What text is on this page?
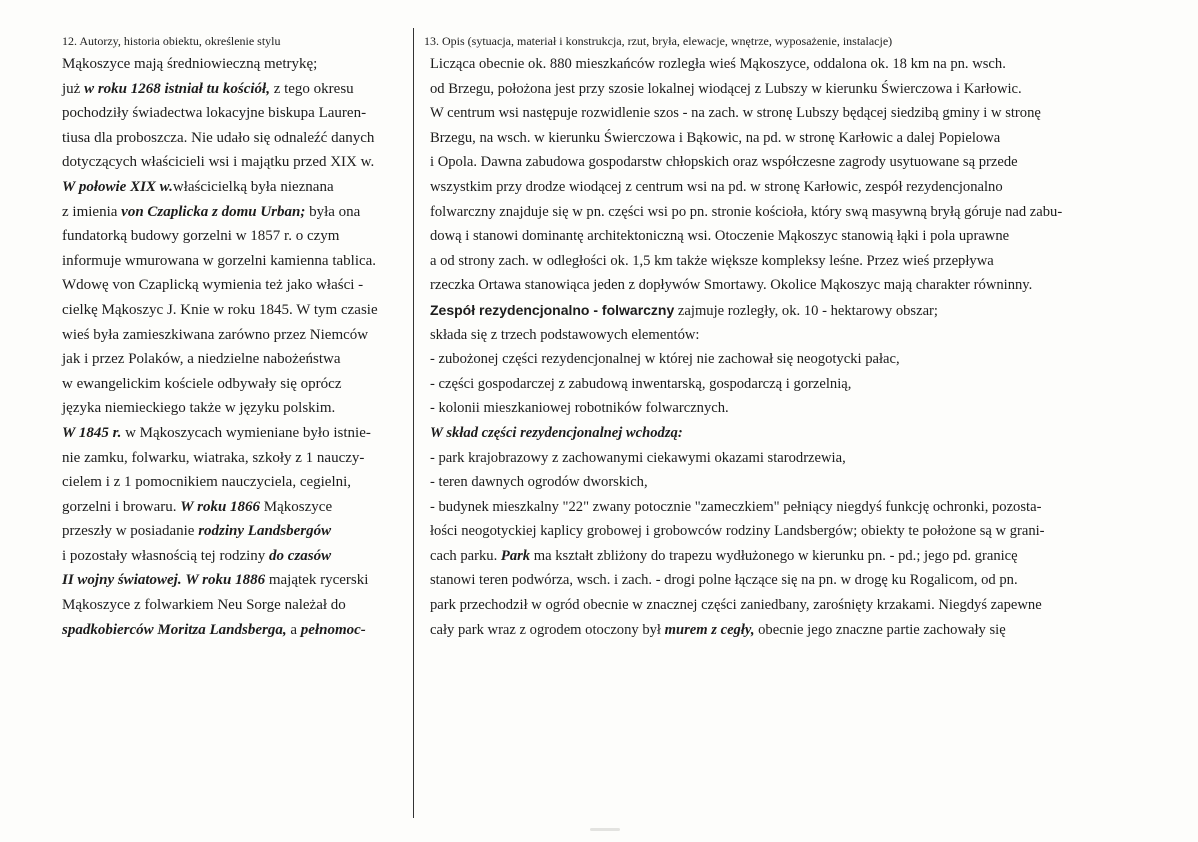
12. Autorzy, historia obiektu, określenie stylu
Mąkoszyce mają średniowieczną metrykę;
już w roku 1268 istniał tu kościół, z tego okresu
pochodziły świadectwa lokacyjne biskupa Lauren-
tiusa dla proboszcza. Nie udało się odnaleźć danych
dotyczących właścicieli wsi i majątku przed XIX w.
W połowie XIX w.właścicielką była nieznana
z imienia von Czaplicka z domu Urban; była ona
fundatorką budowy gorzelni w 1857 r. o czym
informuje wmurowana w gorzelni kamienna tablica.
Wdowę von Czaplicką wymienia też jako właści -
cielkę Mąkoszyc J. Knie w roku 1845. W tym czasie
wieś była zamieszkiwana zarówno przez Niemców
jak i przez Polaków, a niedzielne nabożeństwa
w ewangelickim kościele odbywały się oprócz
języka niemieckiego także w języku polskim.
W 1845 r. w Mąkoszycach wymieniane było istnie-
nie zamku, folwarku, wiatraka, szkoły z 1 nauczy-
cielem i z 1 pomocnikiem nauczyciela, cegielni,
gorzelni i browaru. W roku 1866 Mąkoszyce
przeszły w posiadanie rodziny Landsbergów
i pozostały własnością tej rodziny do czasów
II wojny światowej. W roku 1886 majątek rycerski
Mąkoszyce z folwarkiem Neu Sorge należał do
spadkobierców Moritza Landsberga, a pełnomoc-
13. Opis (sytuacja, materiał i konstrukcja, rzut, bryła, elewacje, wnętrze, wyposażenie, instalacje)
Licząca obecnie ok. 880 mieszkańców rozległa wieś Mąkoszyce, oddalona ok. 18 km na pn. wsch.
od Brzegu, położona jest przy szosie lokalnej wiodącej z Lubszy w kierunku Świerczowa i Karłowic.
W centrum wsi następuje rozwidlenie szos - na zach. w stronę Lubszy będącej siedzibą gminy i w stronę
Brzegu, na wsch. w kierunku Świerczowa i Bąkowic, na pd. w stronę Karłowic a dalej Popielowa
i Opola. Dawna zabudowa gospodarstw chłopskich oraz współczesne zagrody usytuowane są przede
wszystkim przy drodze wiodącej z centrum wsi na pd. w stronę Karłowic, zespół rezydencjonalno
folwarczny znajduje się w pn. części wsi po pn. stronie kościoła, który swą masywną bryłą góruje nad zabu-
dową i stanowi dominantę architektoniczną wsi. Otoczenie Mąkoszyc stanowią łąki i pola uprawne
a od strony zach. w odległości ok. 1,5 km także większe kompleksy leśne. Przez wieś przepływa
rzeczka Ortawa stanowiąca jeden z dopływów Smortawy. Okolice Mąkoszyc mają charakter równinny.
Zespół rezydencjonalno - folwarczny zajmuje rozległy, ok. 10 - hektarowy obszar;
składa się z trzech podstawowych elementów:
- zubożonej części rezydencjonalnej w której nie zachował się neogotycki pałac,
- części gospodarczej z zabudową inwentarską, gospodarczą i gorzelnią,
- kolonii mieszkaniowej robotników folwarcznych.
W skład części rezydencjonalnej wchodzą:
- park krajobrazowy z zachowanymi ciekawymi okazami starodrzewia,
- teren dawnych ogrodów dworskich,
- budynek mieszkalny "22" zwany potocznie "zameczkiem" pełniący niegdyś funkcję ochronki, pozosta-
łości neogotyckiej kaplicy grobowej i grobowców rodziny Landsbergów; obiekty te położone są w grani-
cach parku. Park ma kształt zbliżony do trapezu wydłużonego w kierunku pn. - pd.; jego pd. granicę
stanowi teren podwórza, wsch. i zach. - drogi polne łączące się na pn. w drogę ku Rogalicom, od pn.
park przechodził w ogród obecnie w znacznej części zaniedbany, zarośnięty krzakami. Niegdyś zapewne
cały park wraz z ogrodem otoczony był murem z cegły, obecnie jego znaczne partie zachowały się
